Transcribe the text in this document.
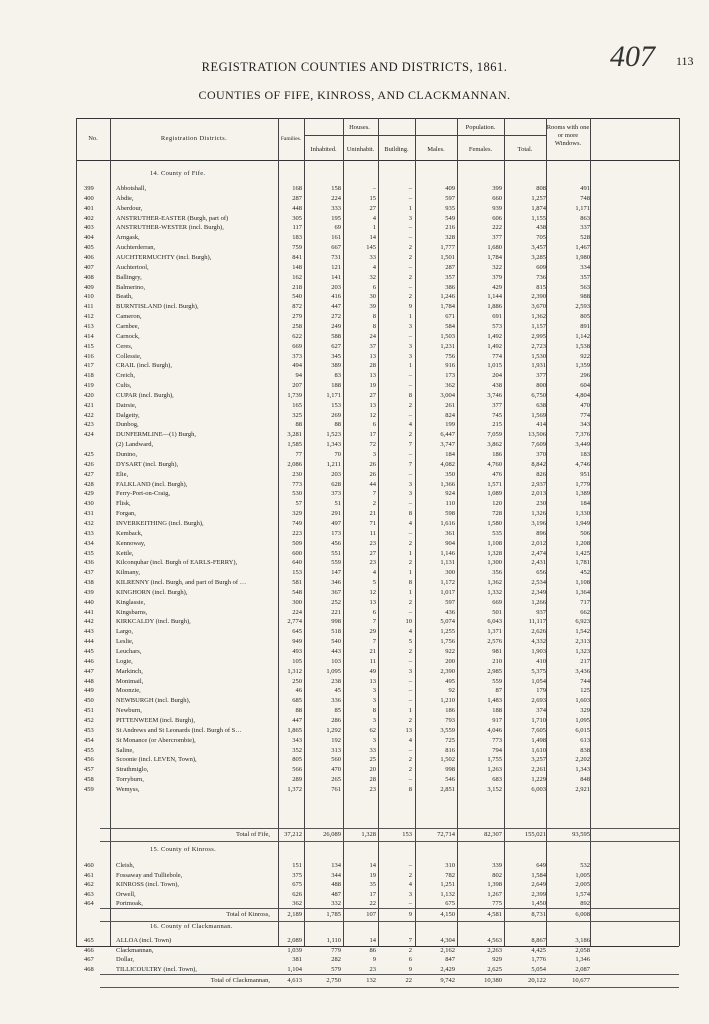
407
REGISTRATION COUNTIES AND DISTRICTS, 1861.	113
COUNTIES OF FIFE, KINROSS, AND CLACKMANNAN.
No.	Registration Districts.	Families.
Houses.
Inhabited.	Uninhabit.	Building.
Population.
Males.	Females.	Total.
Rooms with one or more Windows.
14. County of Fife.
399	Abbotshall,	168	158	–	–	409	399	808	491
400	Abdie,	287	224	15	–	597	660	1,257	748
401	Aberdour,	448	333	27	1	935	939	1,874	1,171
402	ANSTRUTHER-EASTER (Burgh, part of)	305	195	4	3	549	606	1,155	863
403	ANSTRUTHER-WESTER (incl. Burgh),	117	69	1	–	216	222	438	337
404	Arngask,	183	161	14	–	328	377	705	528
405	Auchterderran,	759	667	145	2	1,777	1,680	3,457	1,467
406	AUCHTERMUCHTY (incl. Burgh),	841	731	33	2	1,501	1,784	3,285	1,980
407	Auchtertool,	148	121	4	–	287	322	609	334
408	Ballingry,	162	141	32	2	357	379	736	357
409	Balmerino,	218	203	6	–	386	429	815	563
410	Beath,	540	416	30	2	1,246	1,144	2,390	988
411	BURNTISLAND (incl. Burgh),	872	447	39	9	1,784	1,886	3,670	2,593
412	Cameron,	279	272	8	1	671	691	1,362	805
413	Carnbee,	258	249	8	3	584	573	1,157	891
414	Carnock,	622	588	24	–	1,503	1,492	2,995	1,142
415	Ceres,	669	627	37	3	1,231	1,492	2,723	1,538
416	Collessie,	373	345	13	3	756	774	1,530	922
417	CRAIL (incl. Burgh),	494	389	28	1	916	1,015	1,931	1,359
418	Creich,	94	83	13	–	173	204	377	296
419	Cults,	207	188	19	–	362	438	800	604
420	CUPAR (incl. Burgh),	1,739	1,171	27	8	3,004	3,746	6,750	4,804
421	Dairsie,	165	153	13	2	261	377	638	470
422	Dalgetty,	325	269	12	–	824	745	1,569	774
423	Dunbog,	88	88	6	4	199	215	414	343
424	DUNFERMLINE—(1) Burgh,	3,281	1,523	17	2	6,447	7,059	13,506	7,376
(2) Landward,	1,585	1,343	72	7	3,747	3,862	7,609	3,449
425	Dunino,	77	70	3	–	184	186	370	183
426	DYSART (incl. Burgh),	2,086	1,211	26	7	4,082	4,760	8,842	4,746
427	Elie,	230	203	26	–	350	476	826	951
428	FALKLAND (incl. Burgh),	773	628	44	3	1,366	1,571	2,937	1,779
429	Ferry-Port-on-Craig,	530	373	7	3	924	1,089	2,013	1,389
430	Flisk,	57	51	2	–	110	120	230	184
431	Forgan,	329	291	21	8	598	728	1,326	1,330
432	INVERKEITHING (incl. Burgh),	749	497	71	4	1,616	1,580	3,196	1,949
433	Kemback,	223	173	11	–	361	535	896	506
434	Kennoway,	509	456	23	2	904	1,108	2,012	1,208
435	Kettle,	600	551	27	1	1,146	1,328	2,474	1,425
436	Kilconquhar (incl. Burgh of EARLS-FERRY),	640	559	23	2	1,131	1,300	2,431	1,781
437	Kilmany,	153	147	4	1	300	356	656	452
438	KILRENNY (incl. Burgh, and part of Burgh of …	581	346	5	8	1,172	1,362	2,534	1,108
439	KINGHORN (incl. Burgh),	548	367	12	1	1,017	1,332	2,349	1,364
440	Kinglassie,	300	252	13	2	597	669	1,266	717
441	Kingsbarns,	224	221	6	–	436	501	937	662
442	KIRKCALDY (incl. Burgh),	2,774	998	7	10	5,074	6,043	11,117	6,923
443	Largo,	645	518	29	4	1,255	1,371	2,626	1,542
444	Leslie,	949	540	7	5	1,756	2,576	4,332	2,313
445	Leuchars,	493	443	21	2	922	981	1,903	1,323
446	Logie,	105	103	11	–	200	210	410	217
447	Markinch,	1,312	1,095	49	3	2,390	2,985	5,375	3,436
448	Monimail,	250	238	13	–	495	559	1,054	744
449	Moonzie,	46	45	3	–	92	87	179	125
450	NEWBURGH (incl. Burgh),	685	336	3	–	1,210	1,483	2,693	1,603
451	Newburn,	88	85	8	1	186	188	374	329
452	PITTENWEEM (incl. Burgh),	447	286	3	2	793	917	1,710	1,095
453	St Andrews and St Leonards (incl. Burgh of S…	1,865	1,292	62	13	3,559	4,046	7,605	6,015
454	St Monance (or Abercrombie),	343	192	3	4	725	773	1,498	613
455	Saline,	352	313	33	–	816	794	1,610	838
456	Scoonie (incl. LEVEN, Town),	805	560	25	2	1,502	1,755	3,257	2,202
457	Strathmiglo,	566	470	20	2	998	1,263	2,261	1,343
458	Torryburn,	289	265	28	–	546	683	1,229	848
459	Wemyss,	1,372	761	23	8	2,851	3,152	6,003	2,921
Total of Fife,	37,212	26,089	1,328	153	72,714	82,307	155,021	93,595
15. County of Kinross.
460	Cleish,	151	134	14	–	310	339	649	532
461	Fossaway and Tulliebole,	375	344	19	2	782	802	1,584	1,005
462	KINROSS (incl. Town),	675	488	35	4	1,251	1,398	2,649	2,005
463	Orwell,	626	487	17	3	1,132	1,267	2,399	1,574
464	Portmoak,	362	332	22	–	675	775	1,450	892
Total of Kinross,	2,189	1,785	107	9	4,150	4,581	8,731	6,008
16. County of Clackmannan.
465	ALLOA (incl. Town)	2,089	1,110	14	7	4,304	4,563	8,867	3,186
466	Clackmannan,	1,039	779	86	2	2,162	2,263	4,425	2,058
467	Dollar,	381	282	9	6	847	929	1,776	1,346
468	TILLICOULTRY (incl. Town),	1,104	579	23	9	2,429	2,625	5,054	2,087
Total of Clackmannan,	4,613	2,750	132	22	9,742	10,380	20,122	10,677
